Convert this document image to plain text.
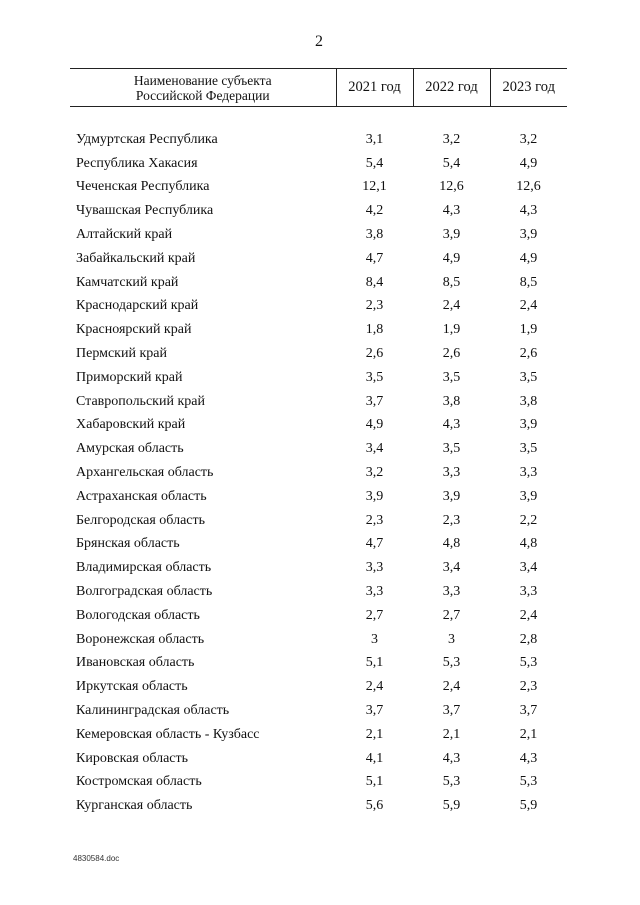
2
Наименование субъекта
Российской Федерации	2021 год	2022 год	2023 год
Удмуртская Республика	3,1	3,2	3,2
Республика Хакасия	5,4	5,4	4,9
Чеченская Республика	12,1	12,6	12,6
Чувашская Республика	4,2	4,3	4,3
Алтайский край	3,8	3,9	3,9
Забайкальский край	4,7	4,9	4,9
Камчатский край	8,4	8,5	8,5
Краснодарский край	2,3	2,4	2,4
Красноярский край	1,8	1,9	1,9
Пермский край	2,6	2,6	2,6
Приморский край	3,5	3,5	3,5
Ставропольский край	3,7	3,8	3,8
Хабаровский край	4,9	4,3	3,9
Амурская область	3,4	3,5	3,5
Архангельская область	3,2	3,3	3,3
Астраханская область	3,9	3,9	3,9
Белгородская область	2,3	2,3	2,2
Брянская область	4,7	4,8	4,8
Владимирская область	3,3	3,4	3,4
Волгоградская область	3,3	3,3	3,3
Вологодская область	2,7	2,7	2,4
Воронежская область	3	3	2,8
Ивановская область	5,1	5,3	5,3
Иркутская область	2,4	2,4	2,3
Калининградская область	3,7	3,7	3,7
Кемеровская область - Кузбасс	2,1	2,1	2,1
Кировская область	4,1	4,3	4,3
Костромская область	5,1	5,3	5,3
Курганская область	5,6	5,9	5,9
4830584.doc
